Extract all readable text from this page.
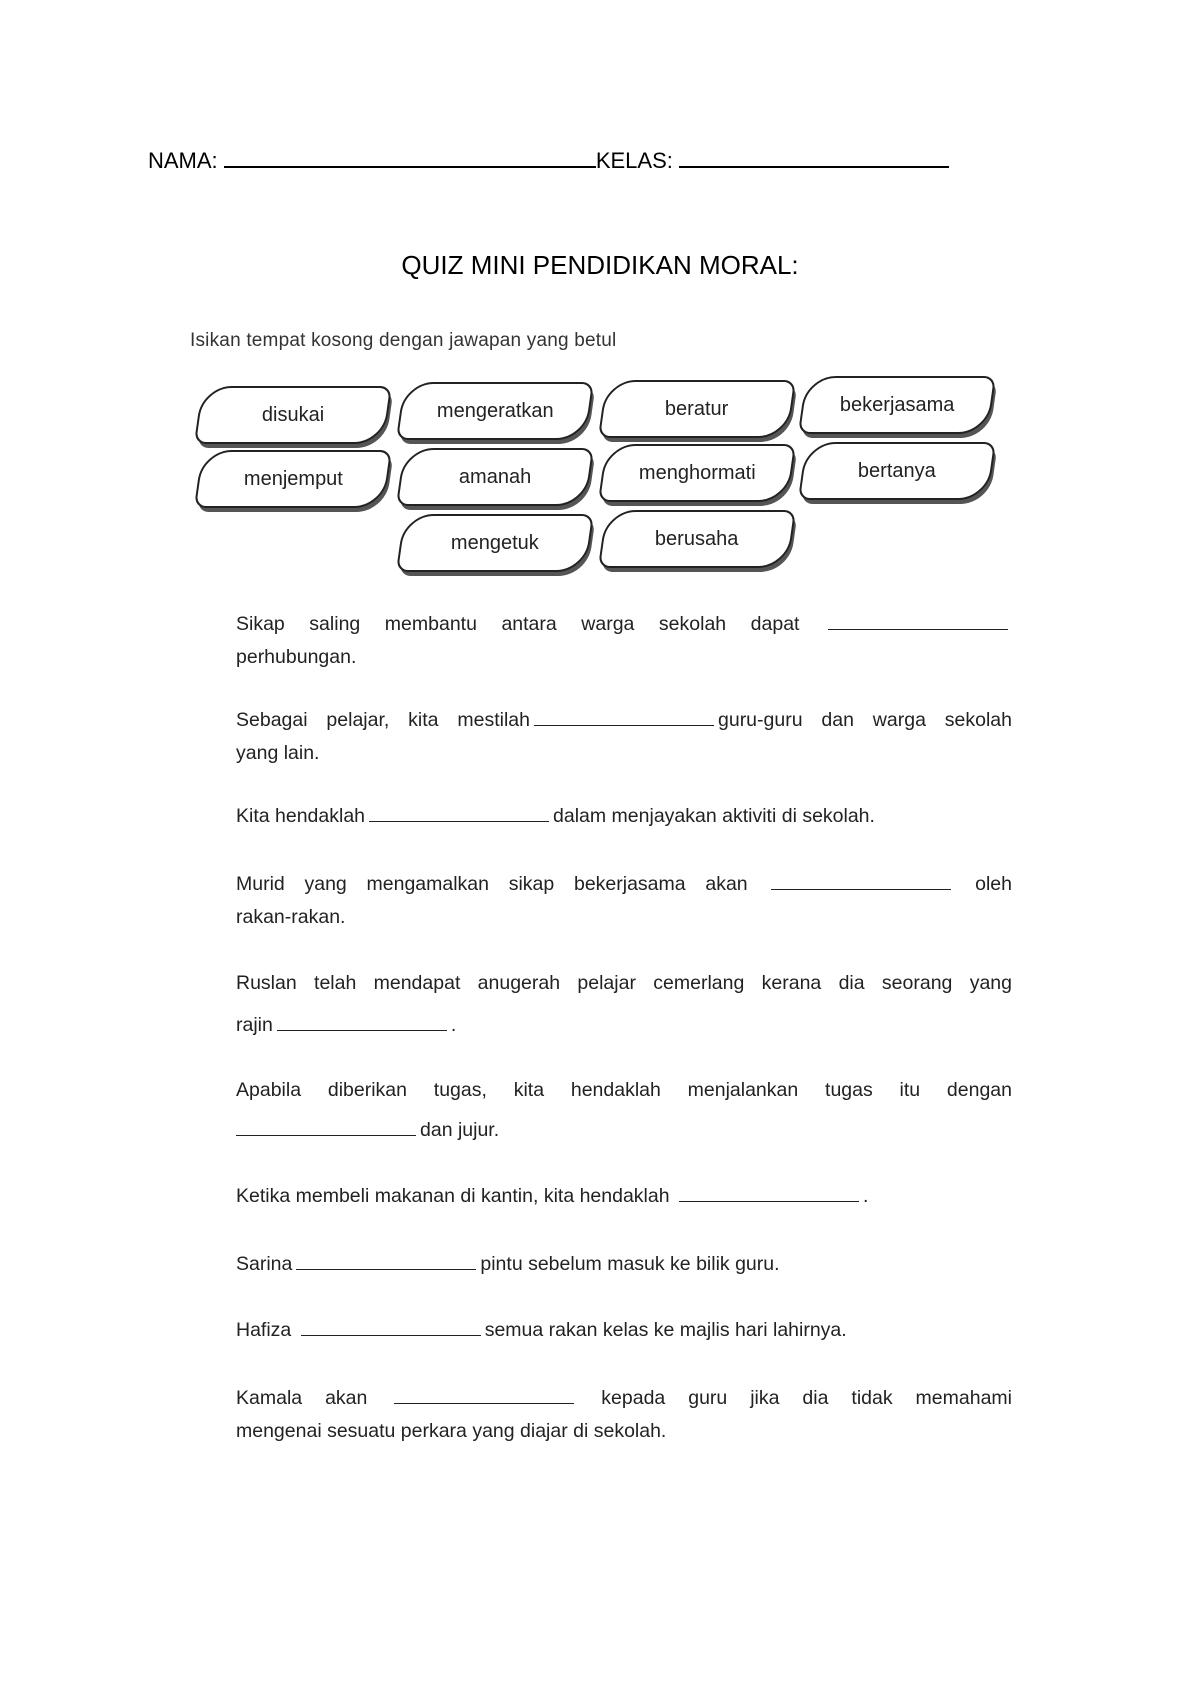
NAMA:	KELAS:
QUIZ MINI PENDIDIKAN MORAL:
Isikan tempat kosong dengan jawapan yang betul
disukai	mengeratkan	beratur	bekerjasama
menjemput	amanah	menghormati	bertanya
mengetuk	berusaha
Sikap saling membantu antara warga sekolah dapat
perhubungan.
Sebagai pelajar, kita mestilah	guru-guru dan warga sekolah
yang lain.
Kita hendaklah	dalam menjayakan aktiviti di sekolah.
Murid yang mengamalkan sikap bekerjasama akan	oleh
rakan-rakan.
Ruslan telah mendapat anugerah pelajar cemerlang kerana dia seorang yang
rajin	.
Apabila diberikan tugas, kita hendaklah menjalankan tugas itu dengan
dan jujur.
Ketika membeli makanan di kantin, kita hendaklah	.
Sarina	pintu sebelum masuk ke bilik guru.
Hafiza	semua rakan kelas ke majlis hari lahirnya.
Kamala akan	kepada guru jika dia tidak memahami
mengenai sesuatu perkara yang diajar di sekolah.
